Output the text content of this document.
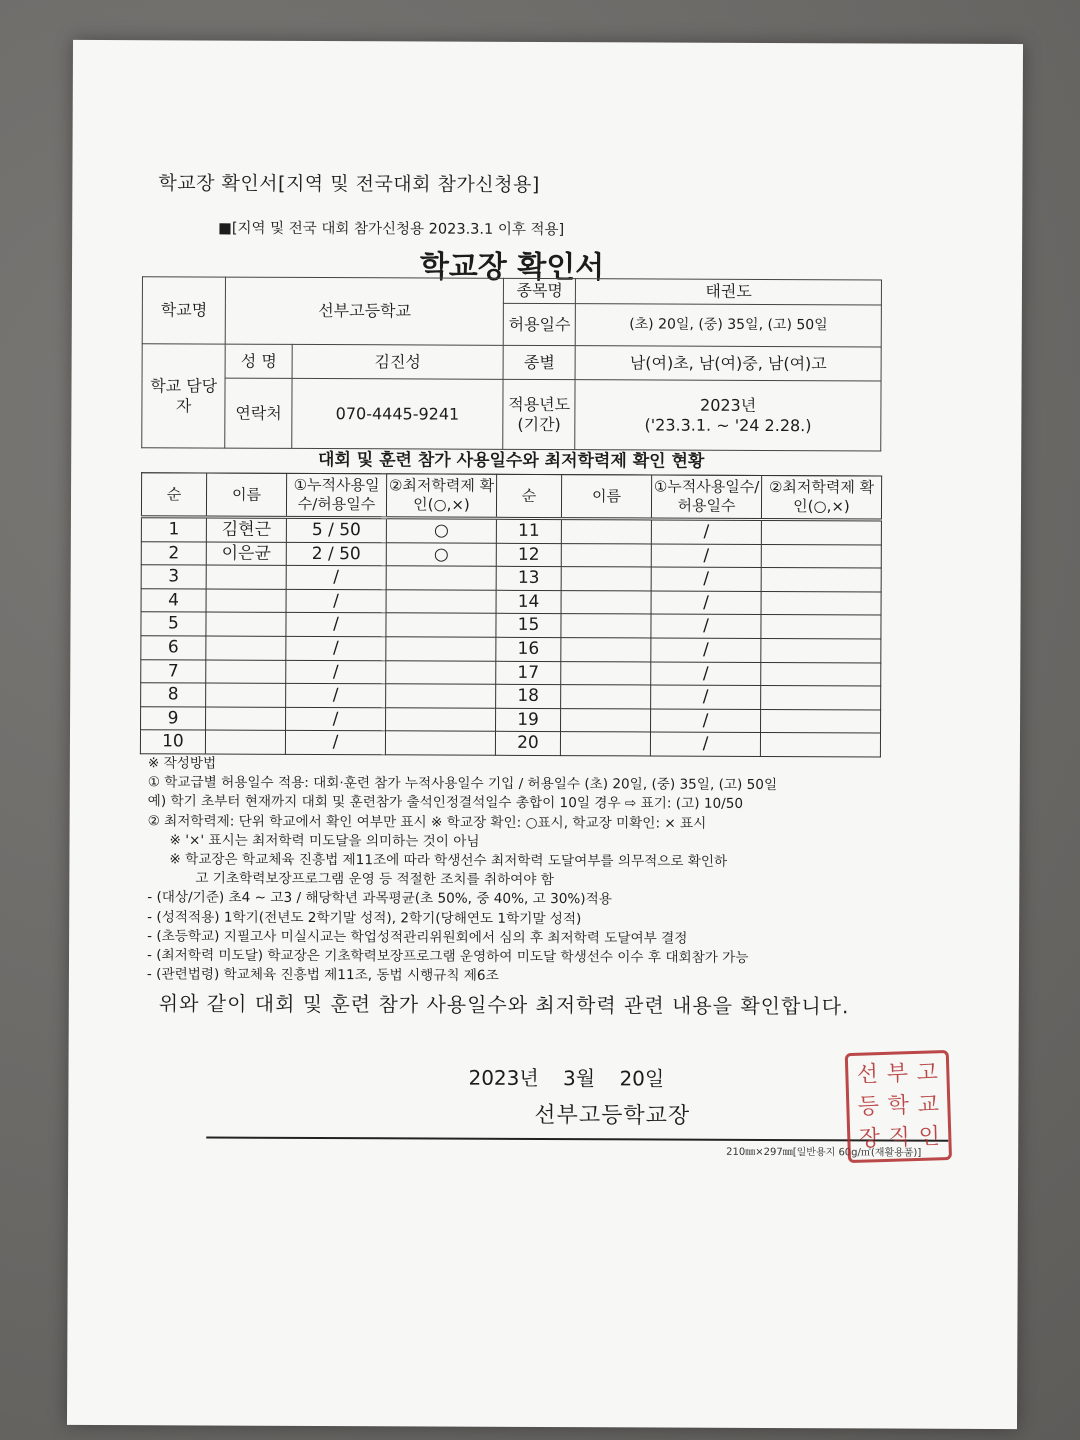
학교장 확인서[지역 및 전국대회 참가신청용]
■[지역 및 전국 대회 참가신청용 2023.3.1 이후 적용]
학교장 확인서
학교명	선부고등학교		종목명	태권도
			허용일수	(초) 20일, (중) 35일, (고) 50일
학교 담당자	성 명	김진성	종별	남(여)초, 남(여)중, 남(여)고
	연락처	070-4445-9241	적용년도 (기간)	2023년
('23.3.1. ~ '24 2.28.)
대회 및 훈련 참가 사용일수와 최저학력제 확인 현황
순	이름	①누적사용일수/허용일수	②최저학력제 확인(○,×)	순	이름	①누적사용일수/허용일수	②최저학력제 확인(○,×)
1	김현근	5 / 50	○	11		/	
2	이은균	2 / 50	○	12		/	
3		/		13		/	
4		/		14		/	
5		/		15		/	
6		/		16		/	
7		/		17		/	
8		/		18		/	
9		/		19		/	
10		/		20		/	
※ 작성방법
① 학교급별 허용일수 적용: 대회·훈련 참가 누적사용일수 기입 / 허용일수 (초) 20일, (중) 35일, (고) 50일
예) 학기 초부터 현재까지 대회 및 훈련참가 출석인정결석일수 총합이 10일 경우 ⇨ 표기: (고) 10/50
② 최저학력제: 단위 학교에서 확인 여부만 표시 ※ 학교장 확인: ○표시, 학교장 미확인: × 표시
※ '×' 표시는 최저학력 미도달을 의미하는 것이 아님
※ 학교장은 학교체육 진흥법 제11조에 따라 학생선수 최저학력 도달여부를 의무적으로 확인하
고 기초학력보장프로그램 운영 등 적절한 조치를 취하여야 함
- (대상/기준) 초4 ~ 고3 / 해당학년 과목평균(초 50%, 중 40%, 고 30%)적용
- (성적적용) 1학기(전년도 2학기말 성적), 2학기(당해연도 1학기말 성적)
- (초등학교) 지필고사 미실시교는 학업성적관리위원회에서 심의 후 최저학력 도달여부 결정
- (최저학력 미도달) 학교장은 기초학력보장프로그램 운영하여 미도달 학생선수 이수 후 대회참가 가능
- (관련법령) 학교체육 진흥법 제11조, 동법 시행규칙 제6조
위와 같이 대회 및 훈련 참가 사용일수와 최저학력 관련 내용을 확인합니다.
2023년 3월 20일
선부고등학교장
210㎜×297㎜[일반용지 60g/㎡(재활용품)]
선 부 고
등 학 교
장 직 인
